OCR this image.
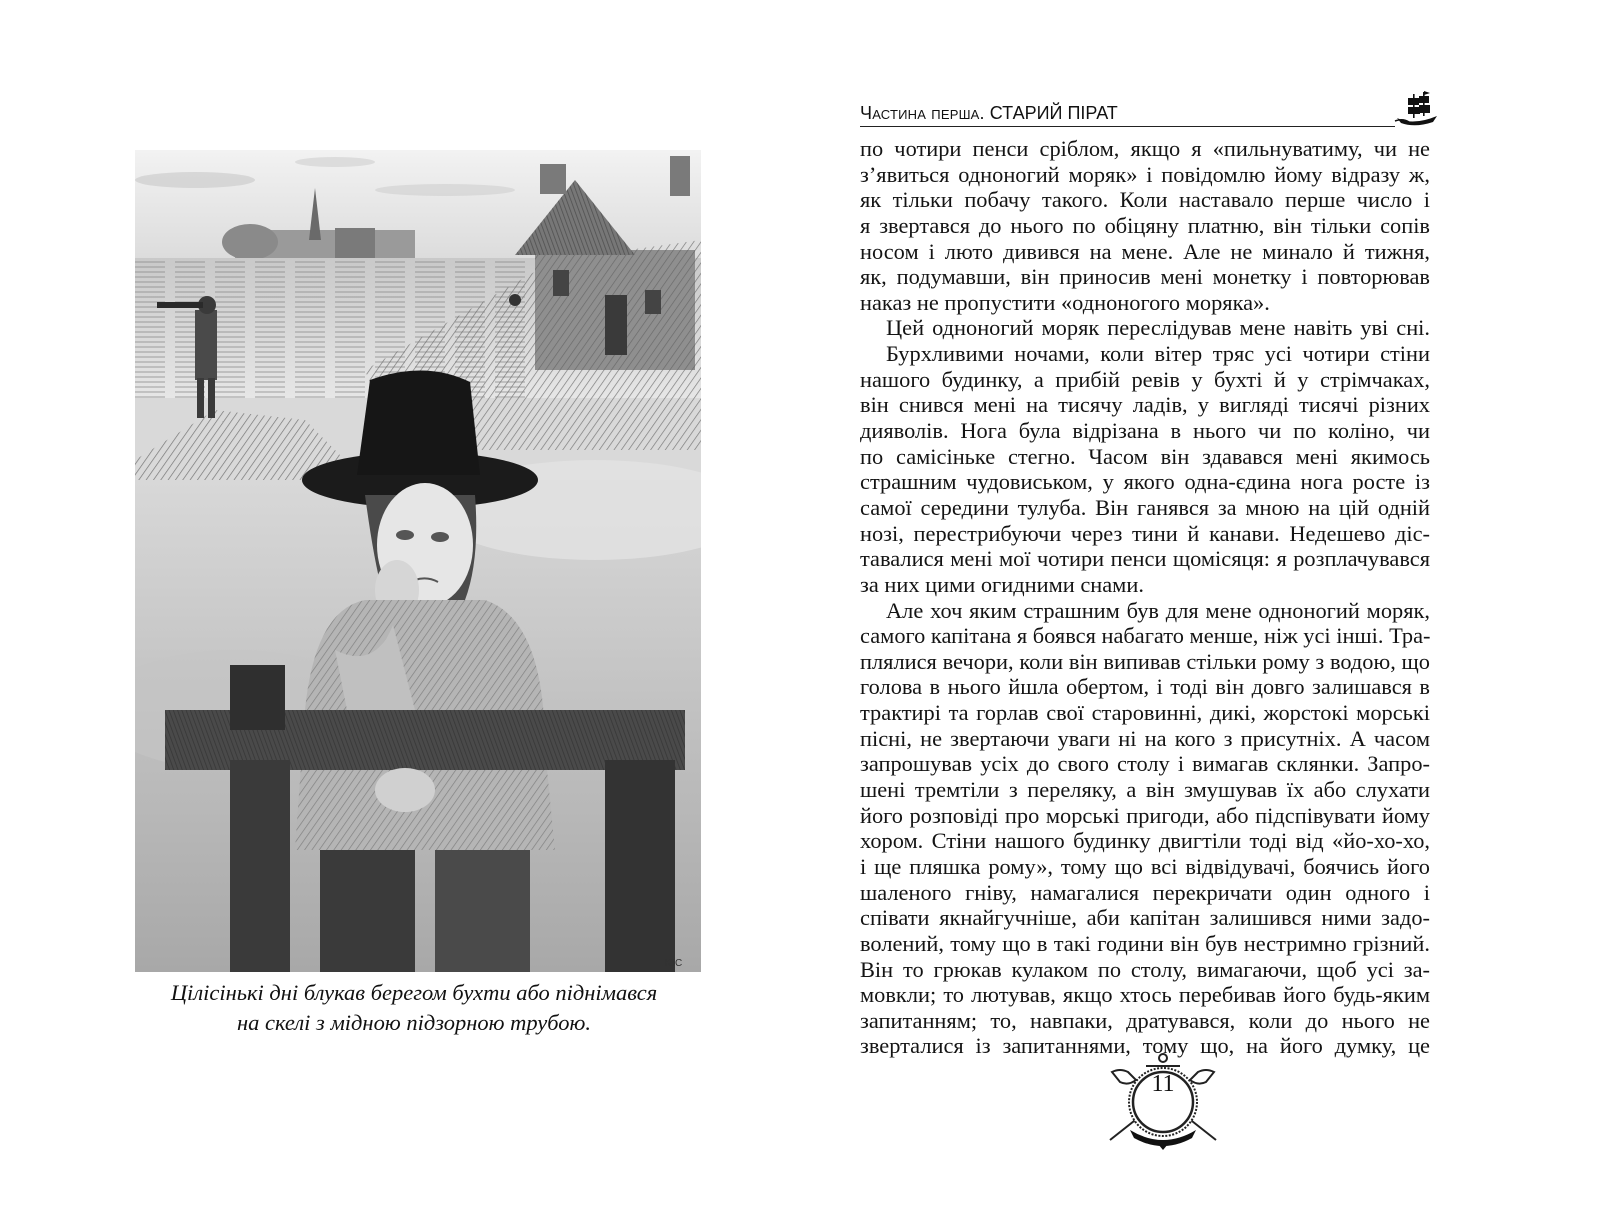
ЮС
Цілісінькі дні блукав берегом бухти або піднімався
на скелі з мідною підзорною трубою.
Частина перша. СТАРИЙ ПІРАТ
по чотири пенси сріблом, якщо я «пильнуватиму, чи не
з’явиться одноногий моряк» і повідомлю йому відразу ж,
як тільки побачу такого. Коли наставало перше число і
я звертався до нього по обіцяну платню, він тільки сопів
носом і люто дивився на мене. Але не минало й тижня,
як, подумавши, він приносив мені монетку і повторював
наказ не пропустити «одноногого моряка».
Цей одноногий моряк переслідував мене навіть уві сні.
Бурхливими ночами, коли вітер тряс усі чотири стіни
нашого будинку, а прибій ревів у бухті й у стрімчаках,
він снився мені на тисячу ладів, у вигляді тисячі різних
дияволів. Нога була відрізана в нього чи по коліно, чи
по самісіньке стегно. Часом він здавався мені якимось
страшним чудовиськом, у якого одна-єдина нога росте із
самої середини тулуба. Він ганявся за мною на цій одній
нозі, перестрибуючи через тини й канави. Недешево діс-
тавалися мені мої чотири пенси щомісяця: я розплачувався
за них цими огидними снами.
Але хоч яким страшним був для мене одноногий моряк,
самого капітана я боявся набагато менше, ніж усі інші. Тра-
плялися вечори, коли він випивав стільки рому з водою, що
голова в нього йшла обертом, і тоді він довго залишався в
трактирі та горлав свої старовинні, дикі, жорстокі морські
пісні, не звертаючи уваги ні на кого з присутніх. А часом
запрошував усіх до свого столу і вимагав склянки. Запро-
шені тремтіли з переляку, а він змушував їх або слухати
його розповіді про морські пригоди, або підспівувати йому
хором. Стіни нашого будинку двигтіли тоді від «йо-хо-хо,
і ще пляшка рому», тому що всі відвідувачі, боячись його
шаленого гніву, намагалися перекричати один одного і
співати якнайгучніше, аби капітан залишився ними задо-
волений, тому що в такі години він був нестримно грізний.
Він то грюкав кулаком по столу, вимагаючи, щоб усі за-
мовкли; то лютував, якщо хтось перебивав його будь-яким
запитанням; то, навпаки, дратувався, коли до нього не
зверталися із запитаннями, тому що, на його думку, це
11
